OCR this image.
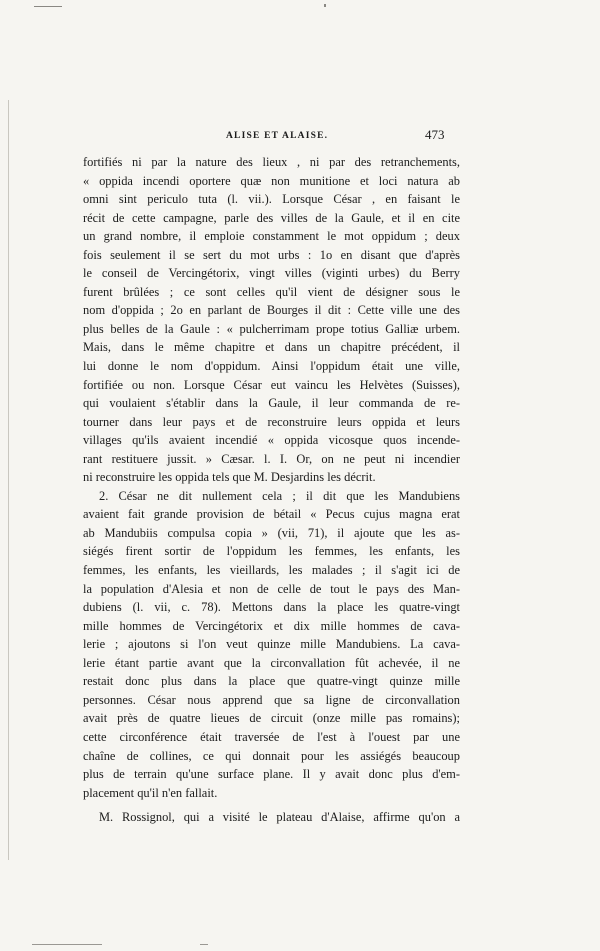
ALISE ET ALAISE.	473
fortifiés ni par la nature des lieux , ni par des retranchements,
« oppida incendi oportere quæ non munitione et loci natura ab
omni sint periculo tuta (l. vii.). Lorsque César , en faisant le
récit de cette campagne, parle des villes de la Gaule, et il en cite
un grand nombre, il emploie constamment le mot oppidum ; deux
fois seulement il se sert du mot urbs : 1o en disant que d'après
le conseil de Vercingétorix, vingt villes (viginti urbes) du Berry
furent brûlées ; ce sont celles qu'il vient de désigner sous le
nom d'oppida ; 2o en parlant de Bourges il dit : Cette ville une des
plus belles de la Gaule : « pulcherrimam prope totius Galliæ urbem.
Mais, dans le même chapitre et dans un chapitre précédent, il
lui donne le nom d'oppidum. Ainsi l'oppidum était une ville,
fortifiée ou non. Lorsque César eut vaincu les Helvètes (Suisses),
qui voulaient s'établir dans la Gaule, il leur commanda de re-
tourner dans leur pays et de reconstruire leurs oppida et leurs
villages qu'ils avaient incendié « oppida vicosque quos incende-
rant restituere jussit. » Cæsar. l. I. Or, on ne peut ni incendier
ni reconstruire les oppida tels que M. Desjardins les décrit.
2. César ne dit nullement cela ; il dit que les Mandubiens
avaient fait grande provision de bétail « Pecus cujus magna erat
ab Mandubiis compulsa copia » (vii, 71), il ajoute que les as-
siégés firent sortir de l'oppidum les femmes, les enfants, les
femmes, les enfants, les vieillards, les malades ; il s'agit ici de
la population d'Alesia et non de celle de tout le pays des Man-
dubiens (l. vii, c. 78). Mettons dans la place les quatre-vingt
mille hommes de Vercingétorix et dix mille hommes de cava-
lerie ; ajoutons si l'on veut quinze mille Mandubiens. La cava-
lerie étant partie avant que la circonvallation fût achevée, il ne
restait donc plus dans la place que quatre-vingt quinze mille
personnes. César nous apprend que sa ligne de circonvallation
avait près de quatre lieues de circuit (onze mille pas romains);
cette circonférence était traversée de l'est à l'ouest par une
chaîne de collines, ce qui donnait pour les assiégés beaucoup
plus de terrain qu'une surface plane. Il y avait donc plus d'em-
placement qu'il n'en fallait.
M. Rossignol, qui a visité le plateau d'Alaise, affirme qu'on a
